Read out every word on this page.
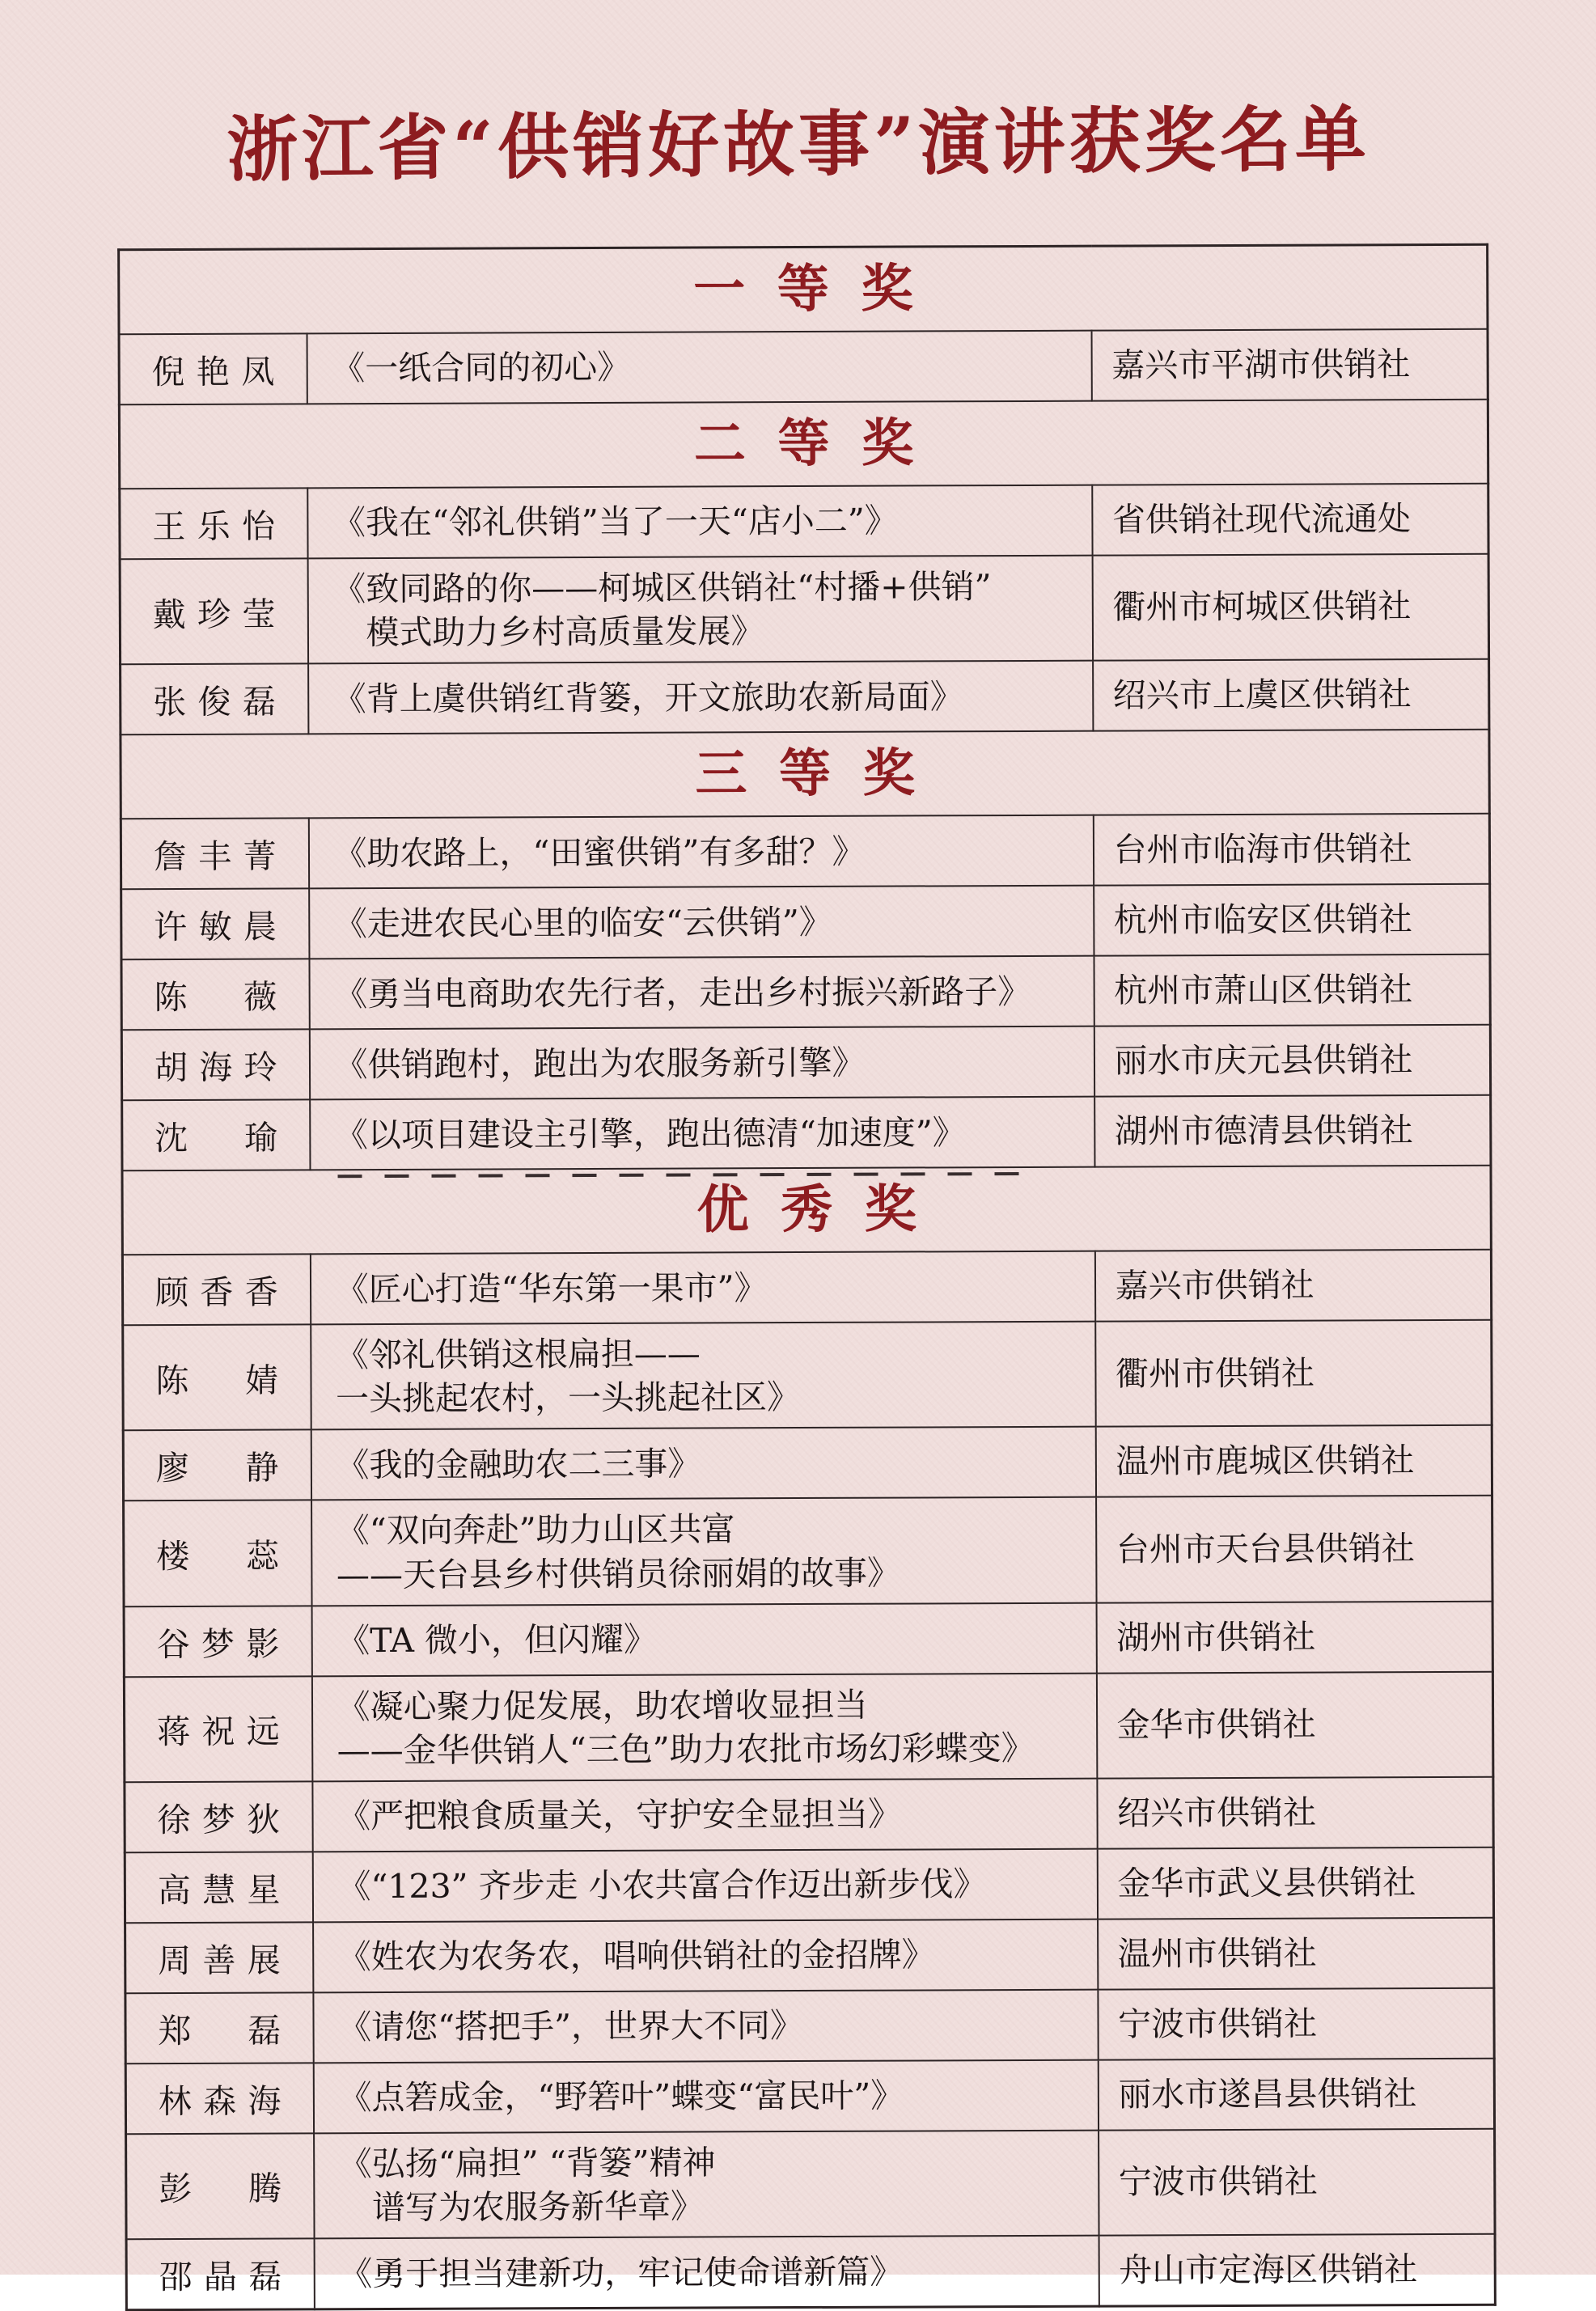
浙江省“供销好故事”演讲获奖名单
一等奖		
倪艳凤	《一纸合同的初心》	嘉兴市平湖市供销社
二等奖		
王乐怡	《我在“邻礼供销”当了一天“店小二”》	省供销社现代流通处
戴珍莹	《致同路的你——柯城区供销社“村播+供销”
　模式助力乡村高质量发展》	衢州市柯城区供销社
张俊磊	《背上虞供销红背篓，开文旅助农新局面》	绍兴市上虞区供销社
三等奖		
詹丰菁	《助农路上，“田蜜供销”有多甜？》	台州市临海市供销社
许敏晨	《走进农民心里的临安“云供销”》	杭州市临安区供销社
陈薇	《勇当电商助农先行者，走出乡村振兴新路子》	杭州市萧山区供销社
胡海玲	《供销跑村，跑出为农服务新引擎》	丽水市庆元县供销社
沈瑜	《以项目建设主引擎，跑出德清“加速度”》	湖州市德清县供销社
优秀奖		
顾香香	《匠心打造“华东第一果市”》	嘉兴市供销社
陈婧	《邻礼供销这根扁担——
一头挑起农村，一头挑起社区》	衢州市供销社
廖静	《我的金融助农二三事》	温州市鹿城区供销社
楼蕊	《“双向奔赴”助力山区共富
——天台县乡村供销员徐丽娟的故事》	台州市天台县供销社
谷梦影	《TA 微小，但闪耀》	湖州市供销社
蒋祝远	《凝心聚力促发展，助农增收显担当
——金华供销人“三色”助力农批市场幻彩蝶变》	金华市供销社
徐梦狄	《严把粮食质量关，守护安全显担当》	绍兴市供销社
高慧星	《“123” 齐步走 小农共富合作迈出新步伐》	金华市武义县供销社
周善展	《姓农为农务农，唱响供销社的金招牌》	温州市供销社
郑磊	《请您“搭把手”，世界大不同》	宁波市供销社
林森海	《点箬成金，“野箬叶”蝶变“富民叶”》	丽水市遂昌县供销社
彭腾	《弘扬“扁担” “背篓”精神
　谱写为农服务新华章》	宁波市供销社
邵晶磊	《勇于担当建新功，牢记使命谱新篇》	舟山市定海区供销社
